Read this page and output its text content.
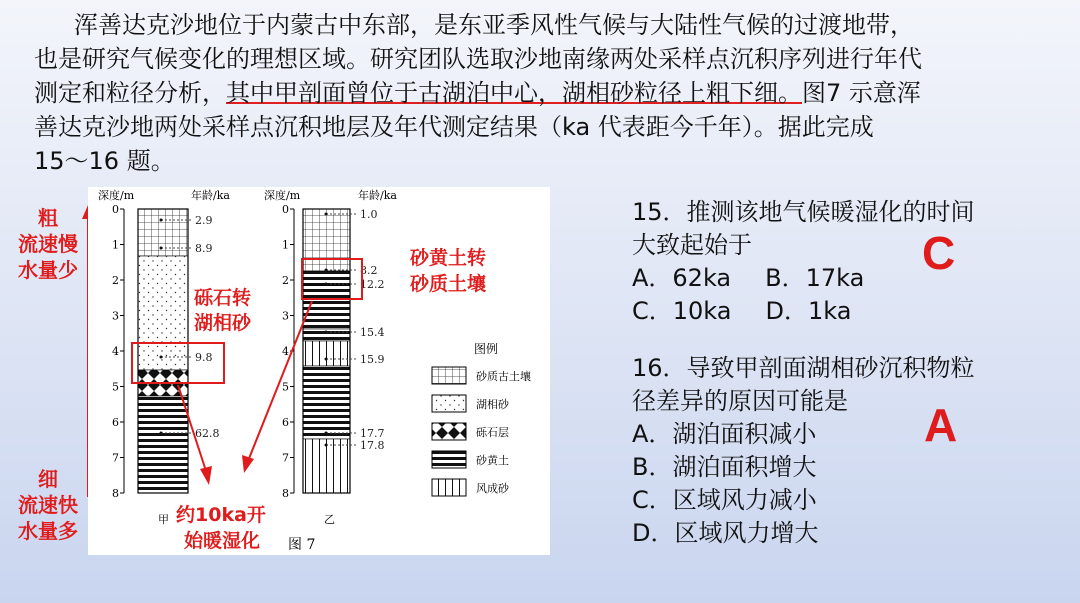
浑善达克沙地位于内蒙古中东部，是东亚季风性气候与大陆性气候的过渡地带，

也是研究气候变化的理想区域。研究团队选取沙地南缘两处采样点沉积序列进行年代

测定和粒径分析，其中甲剖面曾位于古湖泊中心，湖相砂粒径上粗下细。图7 示意浑

善达克沙地两处采样点沉积地层及年代测定结果（ka 代表距今千年）。据此完成

15～16 题。

粗
流速慢
水量少
细
流速快
水量多
深度/m	年龄/ka	深度/m	年龄/ka
0
1
2
3
4
5
6
7
8
0
1
2
3
4
5
6
7
8
2.9
8.9
9.8
62.8
甲
1.0
8.2
12.2
15.4
15.9
17.7
17.8
乙
图例
砂质古土壤
湖相砂
砾石层
砂黄土
风成砂
砾石转
湖相砂
砂黄土转
砂质土壤
约10ka开
始暖湿化 图 7

15．推测该地气候暖湿化的时间

大致起始于

A．62ka B．17ka

C．10ka D．1ka

16．导致甲剖面湖相砂沉积物粒

径差异的原因可能是

A．湖泊面积减小

B．湖泊面积增大

C．区域风力减小

D．区域风力增大

C
A
